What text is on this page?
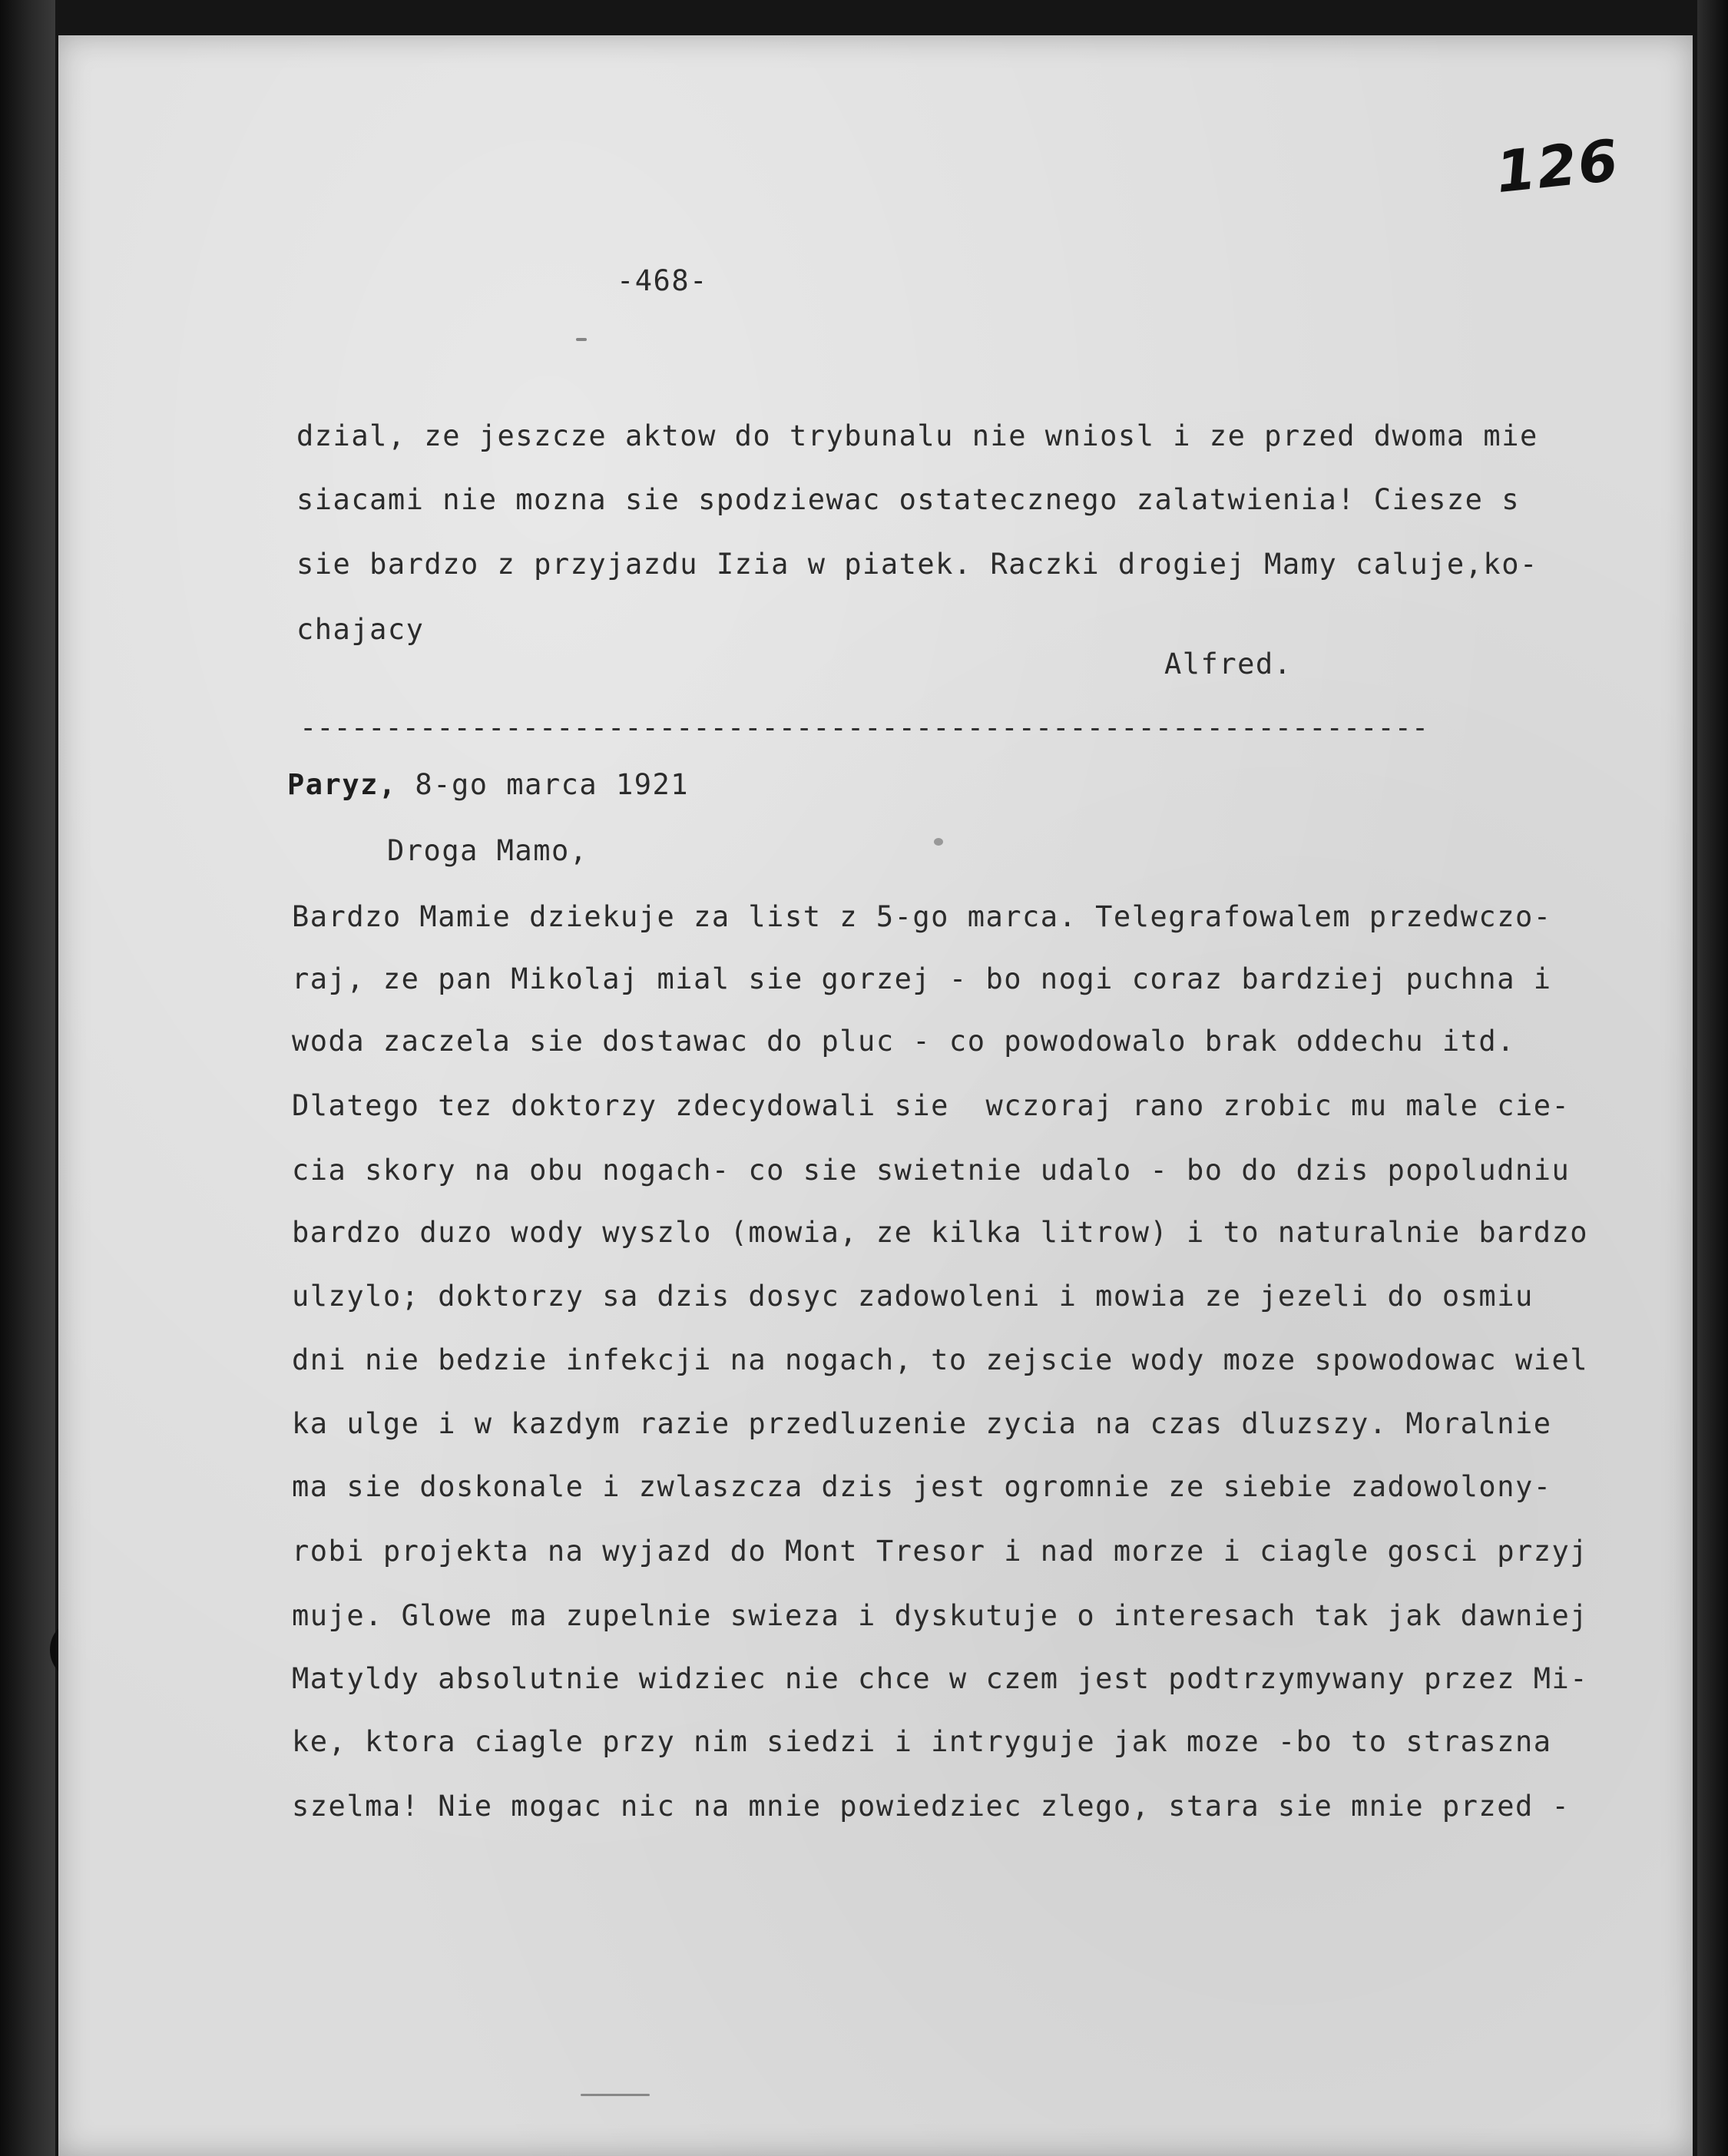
126

-468-

dzial, ze jeszcze aktow do trybunalu nie wniosl i ze przed dwoma mie

siacami nie mozna sie spodziewac ostatecznego zalatwienia! Ciesze s

sie bardzo z przyjazdu Izia w piatek. Raczki drogiej Mamy caluje,ko-

chajacy

Alfred.

------------------------------------------------------------------

Paryz, 8-go marca 1921

Droga Mamo,

Bardzo Mamie dziekuje za list z 5-go marca. Telegrafowalem przedwczo-

raj, ze pan Mikolaj mial sie gorzej - bo nogi coraz bardziej puchna i

woda zaczela sie dostawac do pluc - co powodowalo brak oddechu itd.

Dlatego tez doktorzy zdecydowali sie  wczoraj rano zrobic mu male cie-

cia skory na obu nogach- co sie swietnie udalo - bo do dzis popoludniu

bardzo duzo wody wyszlo (mowia, ze kilka litrow) i to naturalnie bardzo

ulzylo; doktorzy sa dzis dosyc zadowoleni i mowia ze jezeli do osmiu

dni nie bedzie infekcji na nogach, to zejscie wody moze spowodowac wiel

ka ulge i w kazdym razie przedluzenie zycia na czas dluzszy. Moralnie

ma sie doskonale i zwlaszcza dzis jest ogromnie ze siebie zadowolony-

robi projekta na wyjazd do Mont Tresor i nad morze i ciagle gosci przyj

muje. Glowe ma zupelnie swieza i dyskutuje o interesach tak jak dawniej

Matyldy absolutnie widziec nie chce w czem jest podtrzymywany przez Mi-

ke, ktora ciagle przy nim siedzi i intryguje jak moze -bo to straszna

szelma! Nie mogac nic na mnie powiedziec zlego, stara sie mnie przed -
